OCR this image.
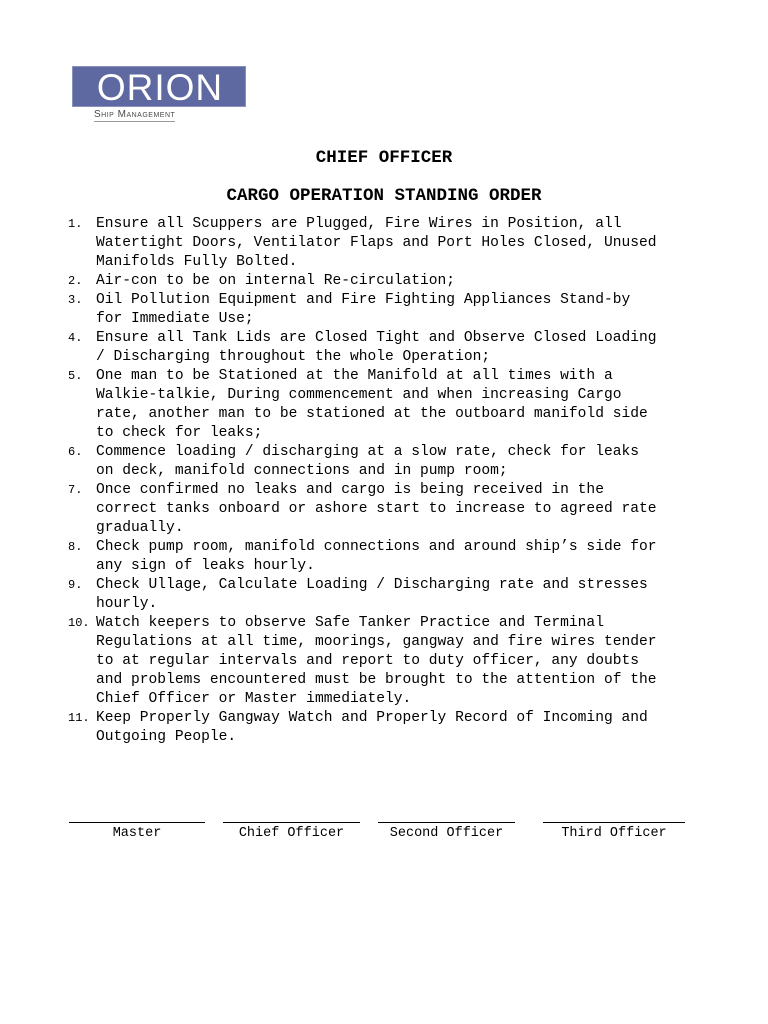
ORION
Ship Management
CHIEF OFFICER
CARGO OPERATION STANDING ORDER
1. Ensure all Scuppers are Plugged, Fire Wires in Position, all
Watertight Doors, Ventilator Flaps and Port Holes Closed, Unused
Manifolds Fully Bolted.
2. Air-con to be on internal Re-circulation;
3. Oil Pollution Equipment and Fire Fighting Appliances Stand-by
for Immediate Use;
4. Ensure all Tank Lids are Closed Tight and Observe Closed Loading
/ Discharging throughout the whole Operation;
5. One man to be Stationed at the Manifold at all times with a
Walkie-talkie, During commencement and when increasing Cargo
rate, another man to be stationed at the outboard manifold side
to check for leaks;
6. Commence loading / discharging at a slow rate, check for leaks
on deck, manifold connections and in pump room;
7. Once confirmed no leaks and cargo is being received in the
correct tanks onboard or ashore start to increase to agreed rate
gradually.
8. Check pump room, manifold connections and around ship’s side for
any sign of leaks hourly.
9. Check Ullage, Calculate Loading / Discharging rate and stresses
hourly.
10. Watch keepers to observe Safe Tanker Practice and Terminal
Regulations at all time, moorings, gangway and fire wires tender
to at regular intervals and report to duty officer, any doubts
and problems encountered must be brought to the attention of the
Chief Officer or Master immediately.
11. Keep Properly Gangway Watch and Properly Record of Incoming and
Outgoing People.
Master	Chief Officer	Second Officer	Third Officer
